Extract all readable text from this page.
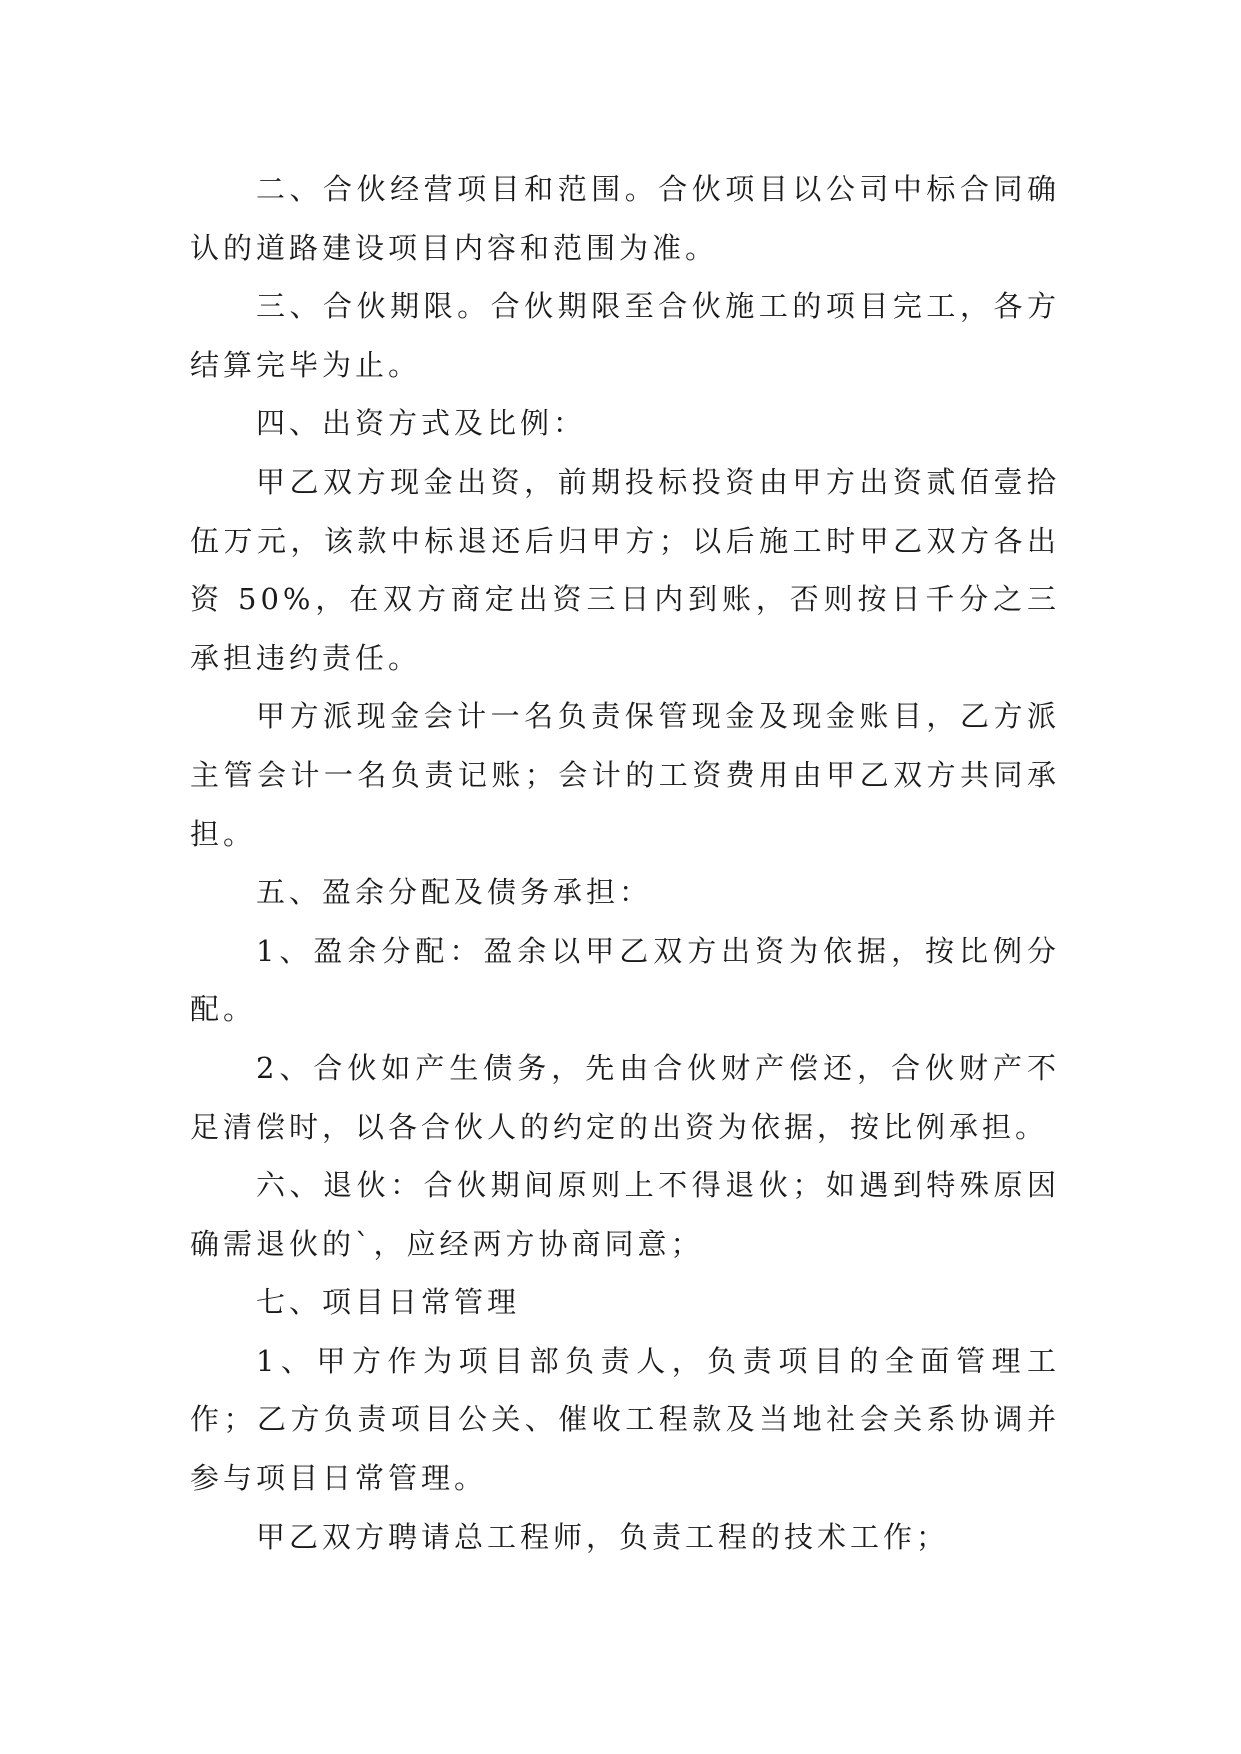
二、合伙经营项目和范围。合伙项目以公司中标合同确认的道路建设项目内容和范围为准。

三、合伙期限。合伙期限至合伙施工的项目完工，各方结算完毕为止。

四、出资方式及比例：

甲乙双方现金出资，前期投标投资由甲方出资贰佰壹拾伍万元，该款中标退还后归甲方；以后施工时甲乙双方各出资 50%，在双方商定出资三日内到账，否则按日千分之三承担违约责任。

甲方派现金会计一名负责保管现金及现金账目，乙方派主管会计一名负责记账；会计的工资费用由甲乙双方共同承担。

五、盈余分配及债务承担：

1、盈余分配：盈余以甲乙双方出资为依据，按比例分配。

2、合伙如产生债务，先由合伙财产偿还，合伙财产不足清偿时，以各合伙人的约定的出资为依据，按比例承担。

六、退伙：合伙期间原则上不得退伙；如遇到特殊原因确需退伙的`，应经两方协商同意；

七、项目日常管理

1、甲方作为项目部负责人，负责项目的全面管理工作；乙方负责项目公关、催收工程款及当地社会关系协调并参与项目日常管理。

甲乙双方聘请总工程师，负责工程的技术工作；
